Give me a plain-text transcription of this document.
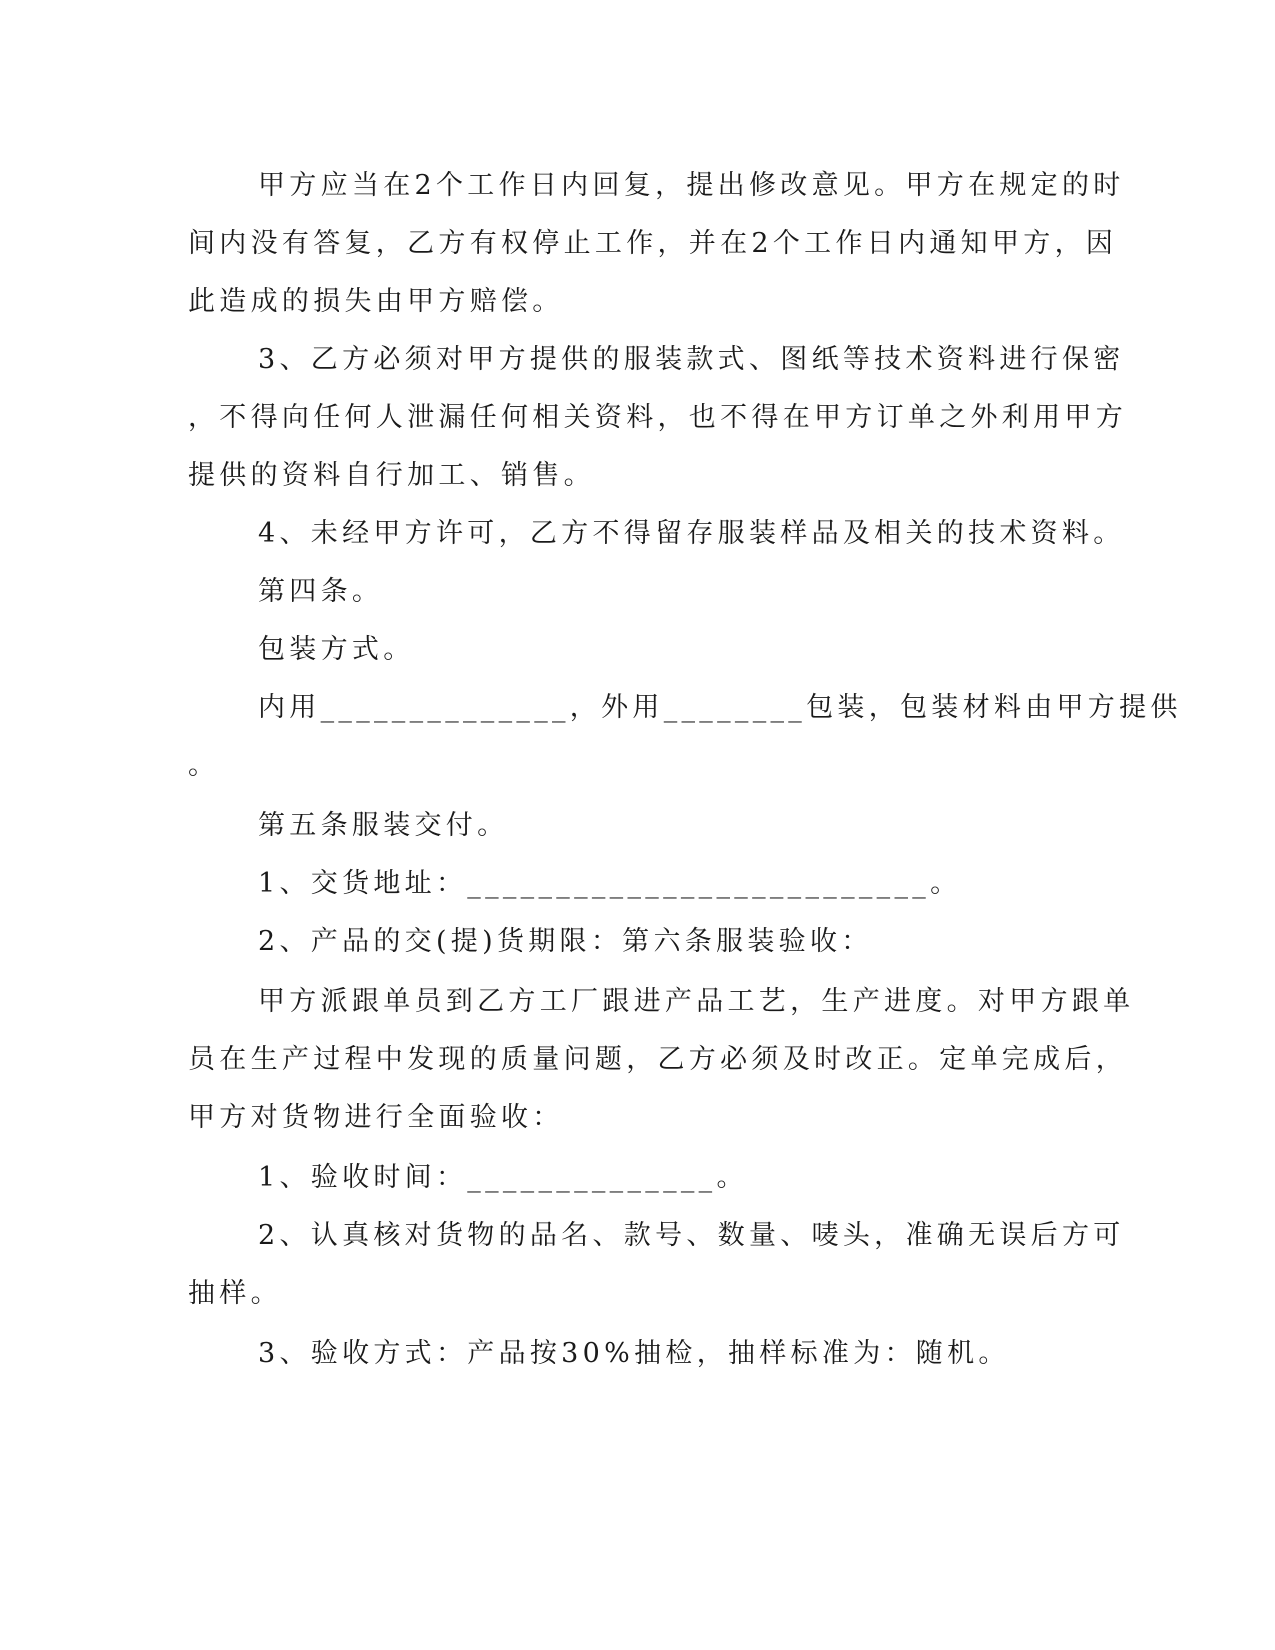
甲方应当在2个工作日内回复，提出修改意见。甲方在规定的时
间内没有答复，乙方有权停止工作，并在2个工作日内通知甲方，因
此造成的损失由甲方赔偿。
3、乙方必须对甲方提供的服装款式、图纸等技术资料进行保密
，不得向任何人泄漏任何相关资料，也不得在甲方订单之外利用甲方
提供的资料自行加工、销售。
4、未经甲方许可，乙方不得留存服装样品及相关的技术资料。
第四条。
包装方式。
内用______________，外用________包装，包装材料由甲方提供
。
第五条服装交付。
1、交货地址：__________________________。
2、产品的交(提)货期限：第六条服装验收：
甲方派跟单员到乙方工厂跟进产品工艺，生产进度。对甲方跟单
员在生产过程中发现的质量问题，乙方必须及时改正。定单完成后，
甲方对货物进行全面验收：
1、验收时间：______________。
2、认真核对货物的品名、款号、数量、唛头，准确无误后方可
抽样。
3、验收方式：产品按30%抽检，抽样标准为：随机。
